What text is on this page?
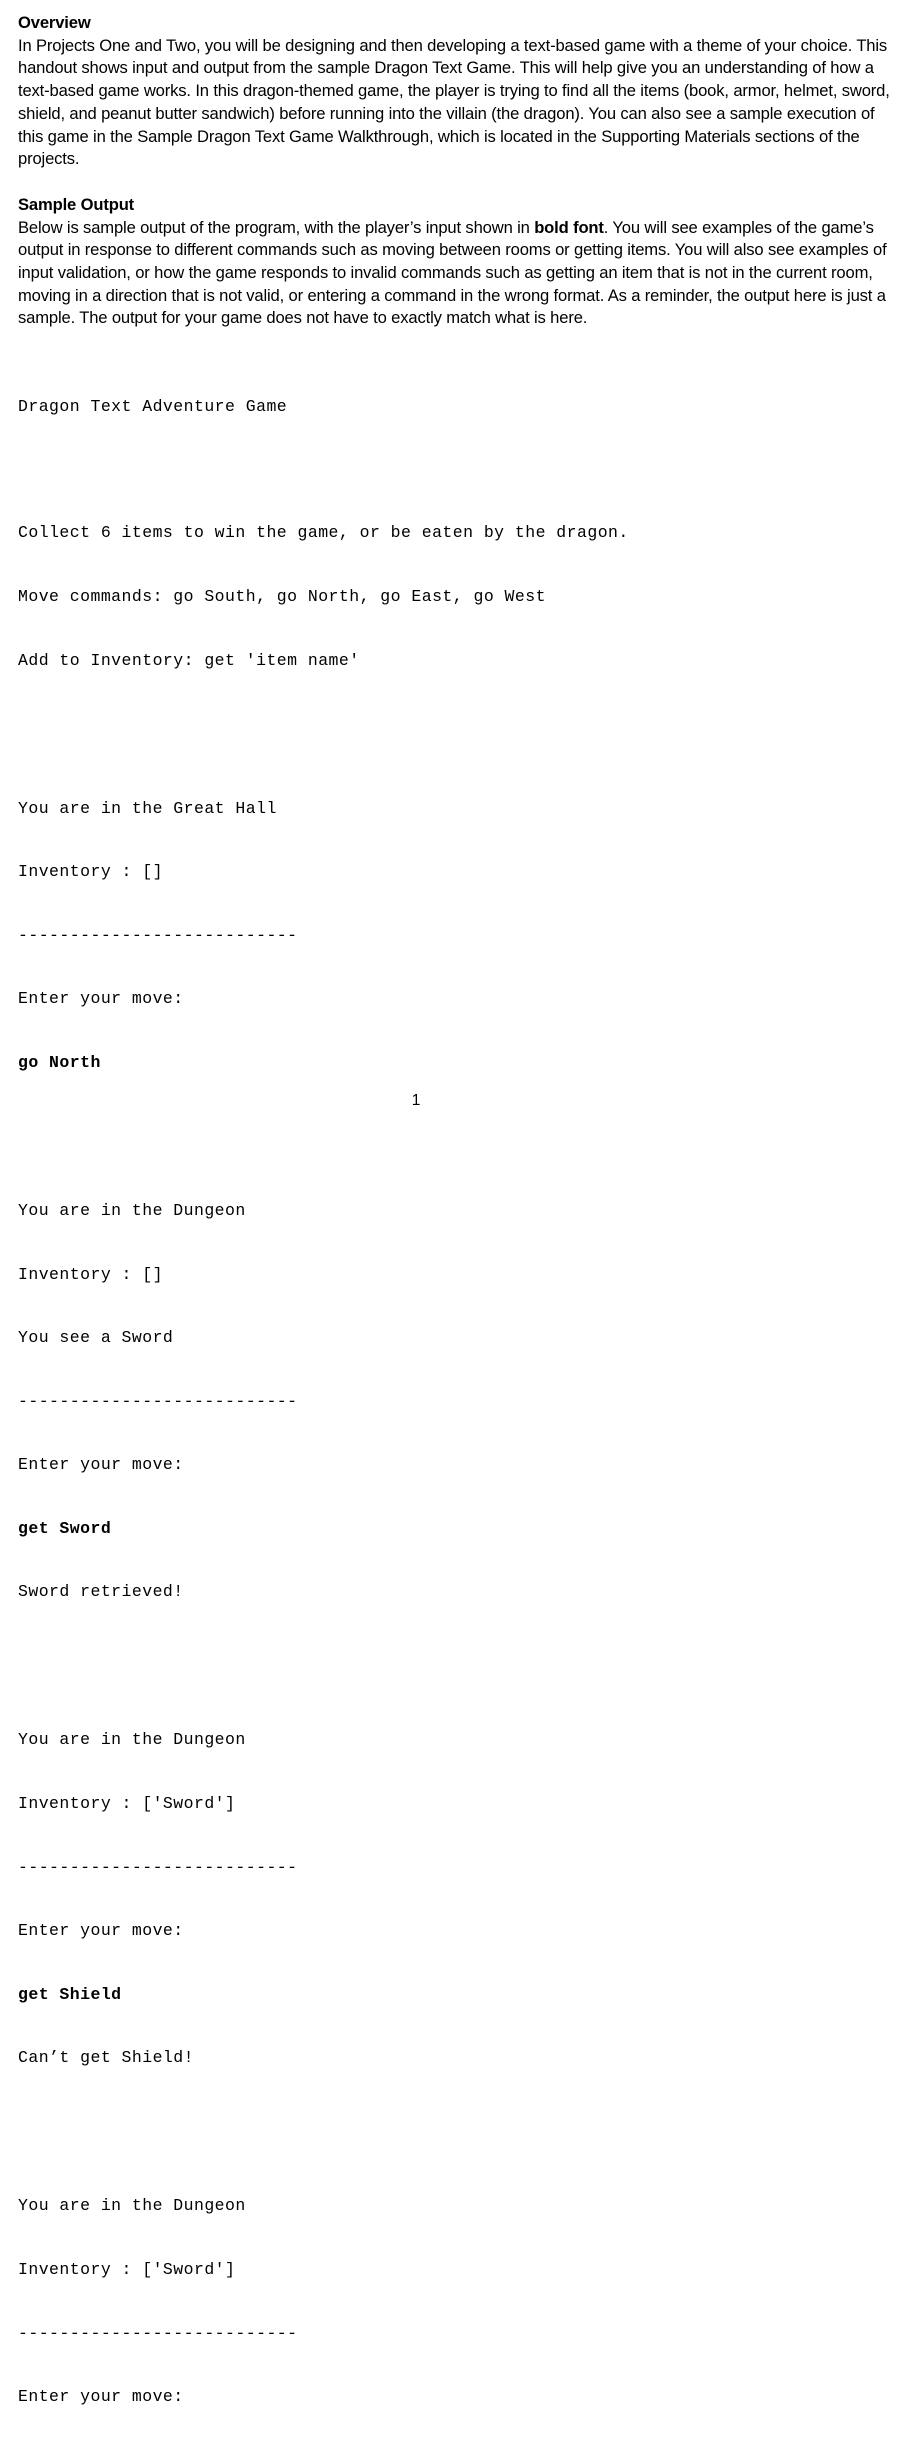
Overview
In Projects One and Two, you will be designing and then developing a text-based game with a theme of your choice. This handout shows input and output from the sample Dragon Text Game. This will help give you an understanding of how a text-based game works. In this dragon-themed game, the player is trying to find all the items (book, armor, helmet, sword, shield, and peanut butter sandwich) before running into the villain (the dragon). You can also see a sample execution of this game in the Sample Dragon Text Game Walkthrough, which is located in the Supporting Materials sections of the projects.
Sample Output
Below is sample output of the program, with the player’s input shown in bold font. You will see examples of the game’s output in response to different commands such as moving between rooms or getting items. You will also see examples of input validation, or how the game responds to invalid commands such as getting an item that is not in the current room, moving in a direction that is not valid, or entering a command in the wrong format. As a reminder, the output here is just a sample. The output for your game does not have to exactly match what is here.

Dragon Text Adventure Game

Collect 6 items to win the game, or be eaten by the dragon.

Move commands: go South, go North, go East, go West

Add to Inventory: get 'item name'

You are in the Great Hall

Inventory : []

---------------------------

Enter your move:

go North

You are in the Dungeon

Inventory : []

You see a Sword

---------------------------

Enter your move:

get Sword

Sword retrieved!

You are in the Dungeon

Inventory : ['Sword']

---------------------------

Enter your move:

get Shield

Can’t get Shield!

You are in the Dungeon

Inventory : ['Sword']

---------------------------

Enter your move:

1
